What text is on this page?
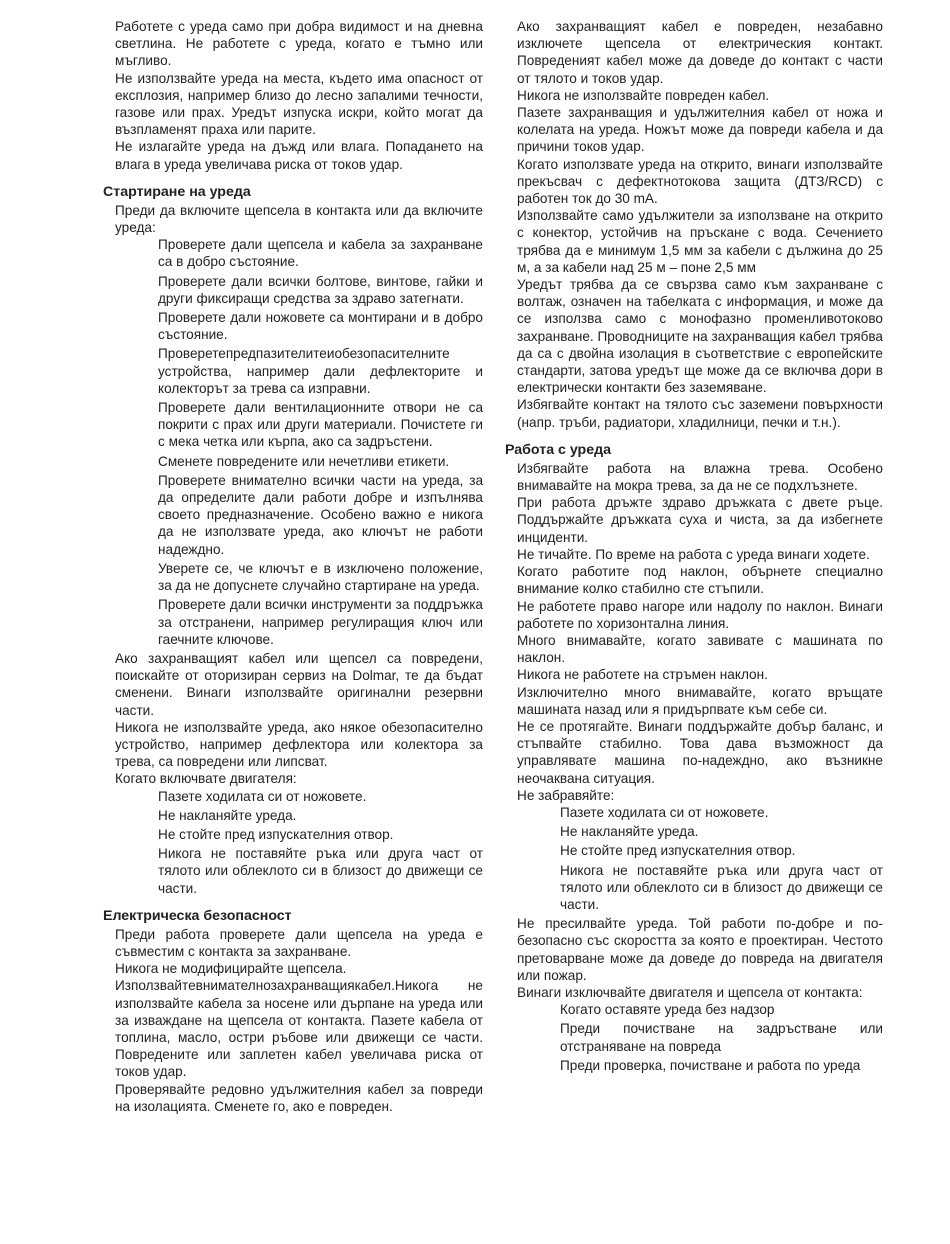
Работете с уреда само при добра видимост и на дневна светлина. Не работете с уреда, когато е тъмно или мъгливо.

Не използвайте уреда на места, където има опасност от експлозия, например близо до лесно запалими течности, газове или прах. Уредът изпуска искри, който могат да възпламенят праха или парите.

Не излагайте уреда на дъжд или влага. Попадането на влага в уреда увеличава риска от токов удар.

Стартиране на уреда

Преди да включите щепсела в контакта или да включите уреда:

Проверете дали щепсела и кабела за захранване са в добро състояние.

Проверете дали всички болтове, винтове, гайки и други фиксиращи средства за здраво затегнати.

Проверете дали ножовете са монтирани и в добро състояние.

Проверетепредпазителитеиобезопасителните устройства, например дали дефлекторите и колекторът за трева са изправни.

Проверете дали вентилационните отвори не са покрити с прах или други материали. Почистете ги с мека четка или кърпа, ако са задръстени.

Сменете повредените или нечетливи етикети.

Проверете внимателно всички части на уреда, за да определите дали работи добре и изпълнява своето предназначение. Особено важно е никога да не използвате уреда, ако ключът не работи надеждно.

Уверете се, че ключът е в изключено положение, за да не допуснете случайно стартиране на уреда.

Проверете дали всички инструменти за поддръжка за отстранени, например регулиращия ключ или гаечните ключове.

Ако захранващият кабел или щепсел са повредени, поискайте от оторизиран сервиз на Dolmar, те да бъдат сменени. Винаги използвайте оригинални резервни части.

Никога не използвайте уреда, ако някое обезопасително устройство, например дефлектора или колектора за трева, са повредени или липсват.

Когато включвате двигателя:

Пазете ходилата си от ножовете.

Не накланяйте уреда.

Не стойте пред изпускателния отвор.

Никога не поставяйте ръка или друга част от тялото или облеклото си в близост до движещи се части.

Електрическа безопасност

Преди работа проверете дали щепсела на уреда е съвместим с контакта за захранване.

Никога не модифицирайте щепсела.

Използвайтевнимателнозахранващиякабел.Никога не използвайте кабела за носене или дърпане на уреда или за изваждане на щепсела от контакта. Пазете кабела от топлина, масло, остри ръбове или движещи се части. Повредените или заплетен кабел увеличава риска от токов удар.

Проверявайте редовно удължителния кабел за повреди на изолацията. Сменете го, ако е повреден.

Ако захранващият кабел е повреден, незабавно изключете щепсела от електрическия контакт. Повреденият кабел може да доведе до контакт с части от тялото и токов удар.

Никога не използвайте повреден кабел.

Пазете захранващия и удължителния кабел от ножа и колелата на уреда. Ножът може да повреди кабела и да причини токов удар.

Когато използвате уреда на открито, винаги използвайте прекъсвач с дефектнотокова защита (ДТЗ/RCD) с работен ток до 30 mA.

Използвайте само удължители за използване на открито с конектор, устойчив на пръскане с вода. Сечението трябва да е минимум 1,5 мм за кабели с дължина до 25 м, а за кабели над 25 м – поне 2,5 мм

Уредът трябва да се свързва само към захранване с волтаж, означен на табелката с информация, и може да се използва само с монофазно променливотоково захранване. Проводниците на захранващия кабел трябва да са с двойна изолация в съответствие с европейските стандарти, затова уредът ще може да се включва дори в електрически контакти без заземяване.

Избягвайте контакт на тялото със заземени повърхности (напр. тръби, радиатори, хладилници, печки и т.н.).

Работа с уреда

Избягвайте работа на влажна трева. Особено внимавайте на мокра трева, за да не се подхлъзнете.

При работа дръжте здраво дръжката с двете ръце. Поддържайте дръжката суха и чиста, за да избегнете инциденти.

Не тичайте. По време на работа с уреда винаги ходете.

Когато работите под наклон, обърнете специално внимание колко стабилно сте стъпили.

Не работете право нагоре или надолу по наклон. Винаги работете по хоризонтална линия.

Много внимавайте, когато завивате с машината по наклон.

Никога не работете на стръмен наклон.

Изключително много внимавайте, когато връщате машината назад или я придърпвате към себе си.

Не се протягайте. Винаги поддържайте добър баланс, и стъпвайте стабилно. Това дава възможност да управлявате машина по-надеждно, ако възникне неочаквана ситуация.

Не забравяйте:

Пазете ходилата си от ножовете.

Не накланяйте уреда.

Не стойте пред изпускателния отвор.

Никога не поставяйте ръка или друга част от тялото или облеклото си в близост до движещи се части.

Не пресилвайте уреда. Той работи по-добре и по-безопасно със скоростта за която е проектиран. Честото претоварване може да доведе до повреда на двигателя или пожар.

Винаги изключвайте двигателя и щепсела от контакта:

Когато оставяте уреда без надзор

Преди почистване на задръстване или отстраняване на повреда

Преди проверка, почистване и работа по уреда
